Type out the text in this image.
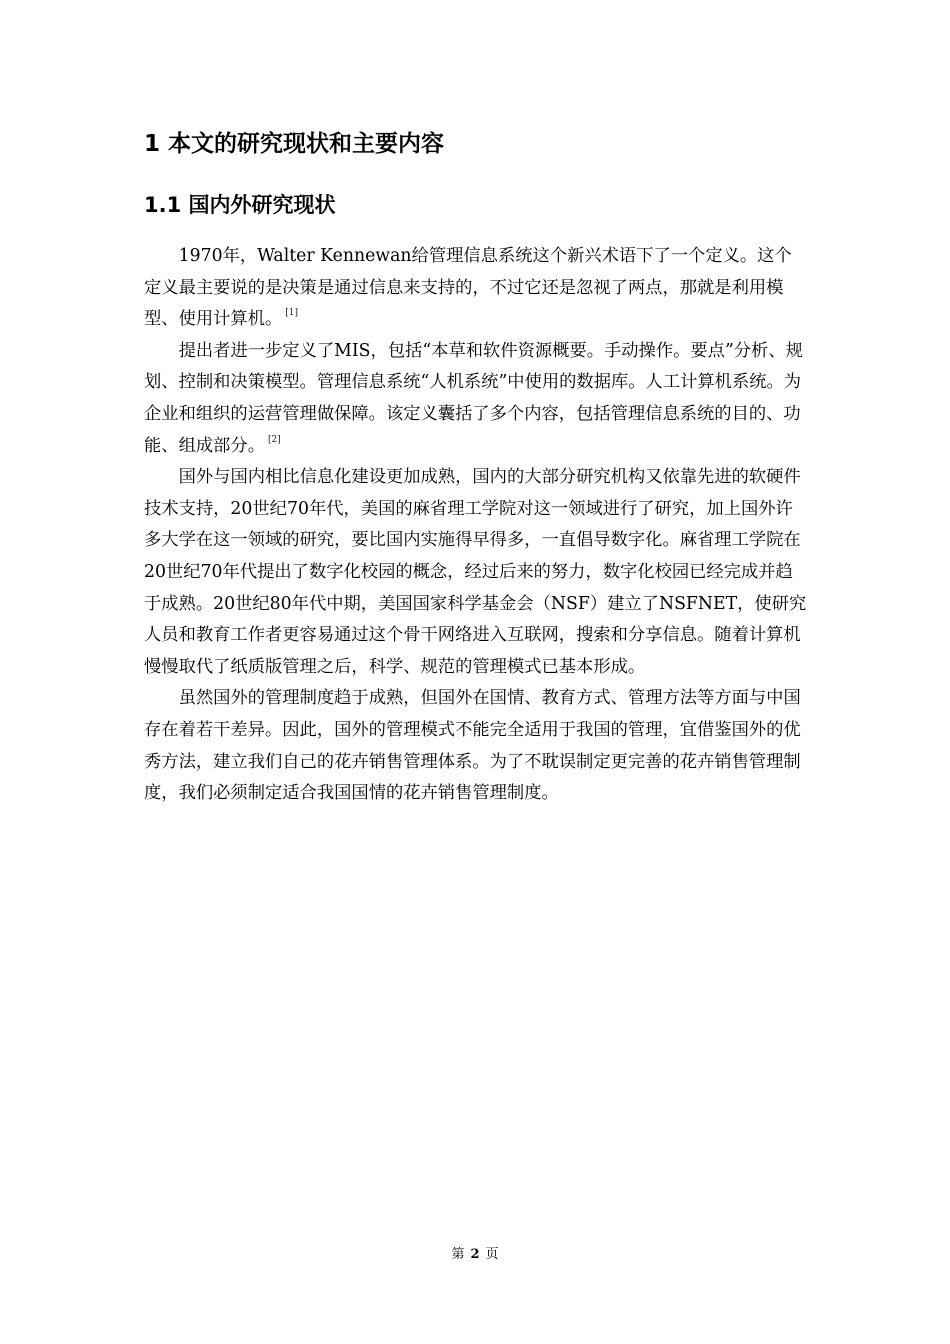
1 本文的研究现状和主要内容
1.1 国内外研究现状

1970年，Walter Kennewan给管理信息系统这个新兴术语下了一个定义。这个定义最主要说的是决策是通过信息来支持的，不过它还是忽视了两点，那就是利用模型、使用计算机。 [1]

提出者进一步定义了MIS，包括“本草和软件资源概要。手动操作。要点”分析、规划、控制和决策模型。管理信息系统“人机系统”中使用的数据库。人工计算机系统。为企业和组织的运营管理做保障。该定义囊括了多个内容，包括管理信息系统的目的、功能、组成部分。 [2]

国外与国内相比信息化建设更加成熟，国内的大部分研究机构又依靠先进的软硬件技术支持，20世纪70年代，美国的麻省理工学院对这一领域进行了研究，加上国外许多大学在这一领域的研究，要比国内实施得早得多，一直倡导数字化。麻省理工学院在20世纪70年代提出了数字化校园的概念，经过后来的努力，数字化校园已经完成并趋于成熟。20世纪80年代中期，美国国家科学基金会（NSF）建立了NSFNET，使研究人员和教育工作者更容易通过这个骨干网络进入互联网，搜索和分享信息。随着计算机慢慢取代了纸质版管理之后，科学、规范的管理模式已基本形成。

虽然国外的管理制度趋于成熟，但国外在国情、教育方式、管理方法等方面与中国存在着若干差异。因此，国外的管理模式不能完全适用于我国的管理，宜借鉴国外的优秀方法，建立我们自己的花卉销售管理体系。为了不耽误制定更完善的花卉销售管理制度，我们必须制定适合我国国情的花卉销售管理制度。

第 2 页
